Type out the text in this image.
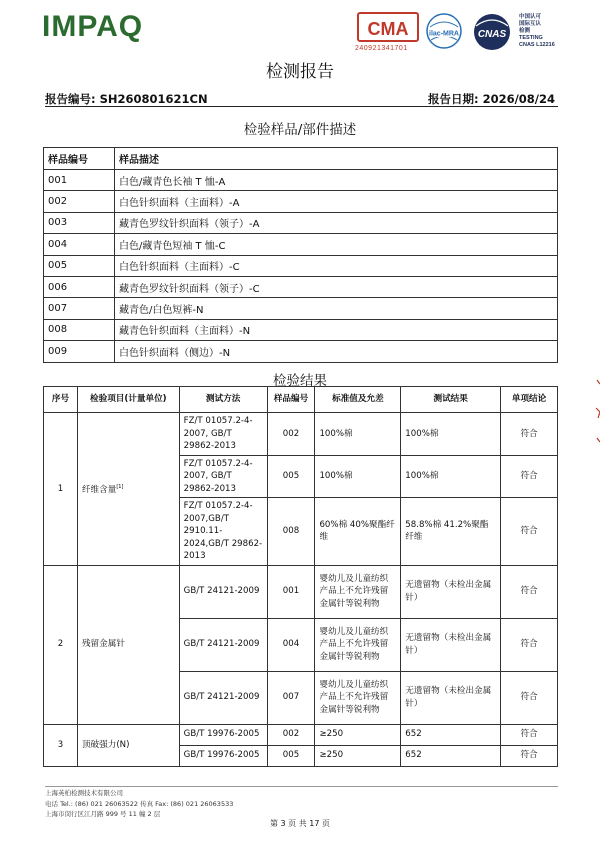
IMPAQ	CMA
240921341701
ilac-MRA CNAS
中国认可
国际互认
检测
TESTING
CNAS L12216
检测报告
报告编号: SH260801621CN	报告日期: 2026/08/24
检验样品/部件描述
样品编号	样品描述
001	白色/藏青色长袖 T 恤-A
002	白色针织面料（主面料）-A
003	藏青色罗纹针织面料（领子）-A
004	白色/藏青色短袖 T 恤-C
005	白色针织面料（主面料）-C
006	藏青色罗纹针织面料（领子）-C
007	藏青色/白色短裤-N
008	藏青色针织面料（主面料）-N
009	白色针织面料（侧边）-N
检验结果
序号	检验项目(计量单位)	测试方法	样品编号	标准值及允差	测试结果	单项结论
1	纤维含量[1]	FZ/T 01057.2-4-2007, GB/T 29862-2013	002	100%棉	100%棉	符合
		FZ/T 01057.2-4-2007, GB/T 29862-2013	005	100%棉	100%棉	符合
		FZ/T 01057.2-4-2007,GB/T 2910.11-2024,GB/T 29862-2013	008	60%棉 40%聚酯纤维	58.8%棉 41.2%聚酯纤维	符合
2	残留金属针	GB/T 24121-2009	001	婴幼儿及儿童纺织产品上不允许残留金属针等锐利物	无遗留物（未检出金属针）	符合
		GB/T 24121-2009	004	婴幼儿及儿童纺织产品上不允许残留金属针等锐利物	无遗留物（未检出金属针）	符合
		GB/T 24121-2009	007	婴幼儿及儿童纺织产品上不允许残留金属针等锐利物	无遗留物（未检出金属针）	符合
3	顶破强力(N)	GB/T 19976-2005	002	≥250	652	符合
		GB/T 19976-2005	005	≥250	652	符合
上海英柏检测技术有限公司
电话 Tel.: (86) 021 26063522 传真 Fax: (86) 021 26063533
上海市闵行区江月路 999 号 11 幢 2 层
第 3 页 共 17 页
